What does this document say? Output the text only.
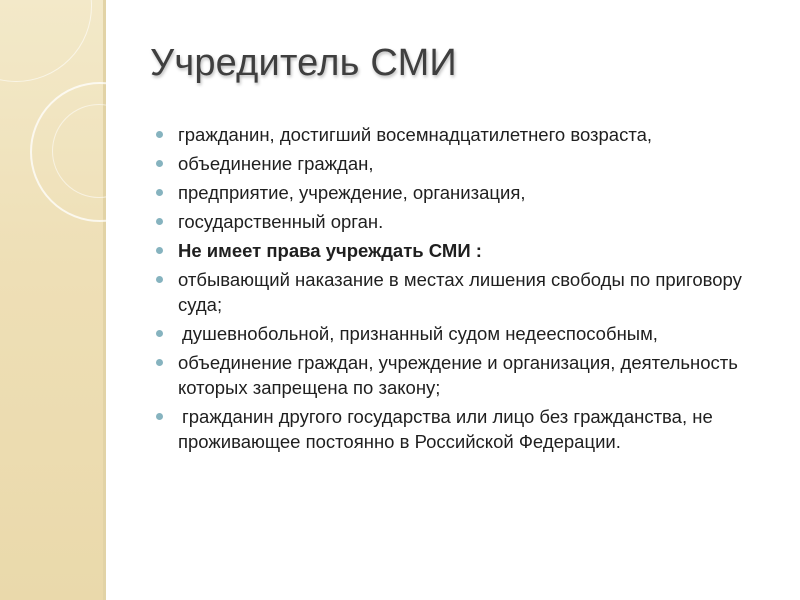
Учредитель СМИ
гражданин, достигший восемнадцатилетнего возраста,
объединение граждан,
предприятие, учреждение, организация,
государственный орган.
Не имеет права учреждать СМИ :
отбывающий наказание в местах лишения свободы по приговору суда;
душевнобольной, признанный судом недееспособным,
объединение граждан, учреждение и организация, деятельность которых запрещена по закону;
гражданин другого государства или лицо без гражданства, не проживающее постоянно в Российской Федерации.
